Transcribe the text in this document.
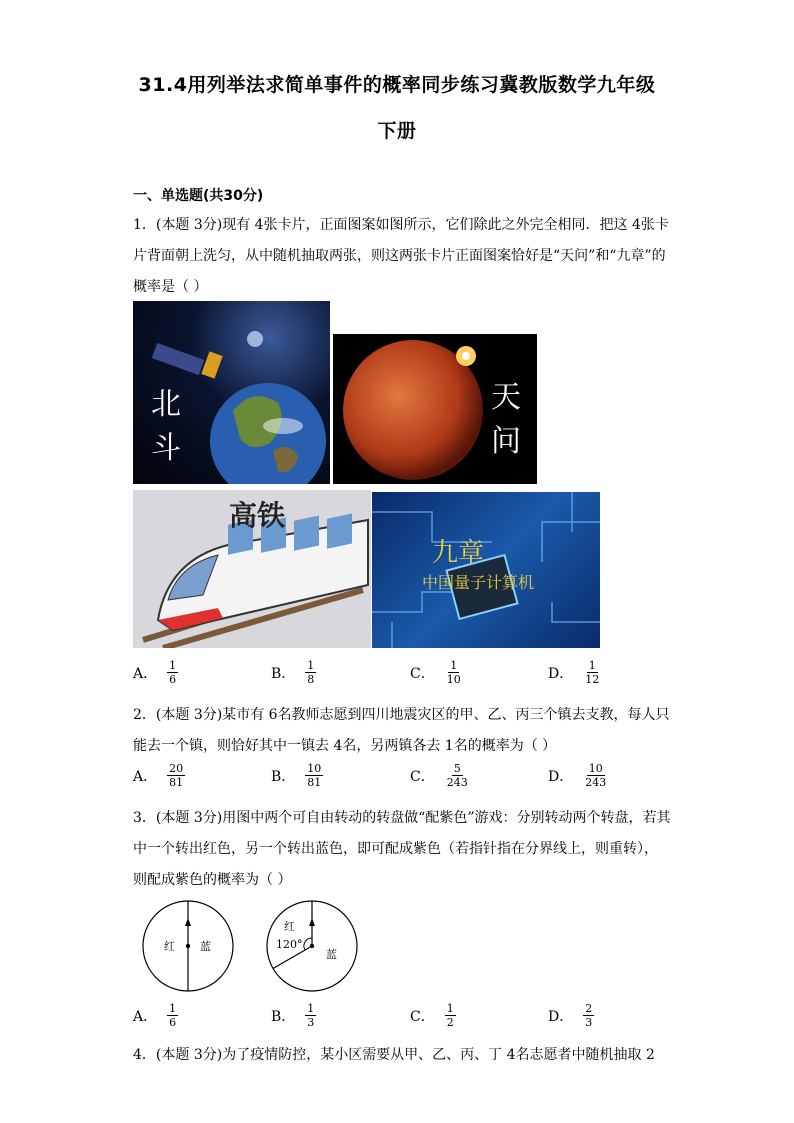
31.4用列举法求简单事件的概率同步练习冀教版数学九年级
下册
一、单选题(共30分)
1．(本题 3分)现有 4张卡片，正面图案如图所示，它们除此之外完全相同．把这 4张卡
片背面朝上洗匀，从中随机抽取两张，则这两张卡片正面图案恰好是“天问”和“九章”的
概率是（ ）
北
斗
天
问
高铁
九章
中国量子计算机
A． $\frac{1}{6}$	B． $\frac{1}{8}$	C． $\frac{1}{10}$	D． $\frac{1}{12}$
2．(本题 3分)某市有 6名教师志愿到四川地震灾区的甲、乙、丙三个镇去支教，每人只
能去一个镇，则恰好其中一镇去 4名，另两镇各去 1名的概率为（ ）
A． $\frac{20}{81}$	B． $\frac{10}{81}$	C． $\frac{5}{243}$	D． $\frac{10}{243}$
3．(本题 3分)用图中两个可自由转动的转盘做“配紫色”游戏：分别转动两个转盘，若其
中一个转出红色，另一个转出蓝色，即可配成紫色（若指针指在分界线上，则重转），
则配成紫色的概率为（ ）
红 蓝
红
120°
蓝
A． $\frac{1}{6}$	B． $\frac{1}{3}$	C． $\frac{1}{2}$	D． $\frac{2}{3}$
4．(本题 3分)为了疫情防控，某小区需要从甲、乙、丙、丁 4名志愿者中随机抽取 2
